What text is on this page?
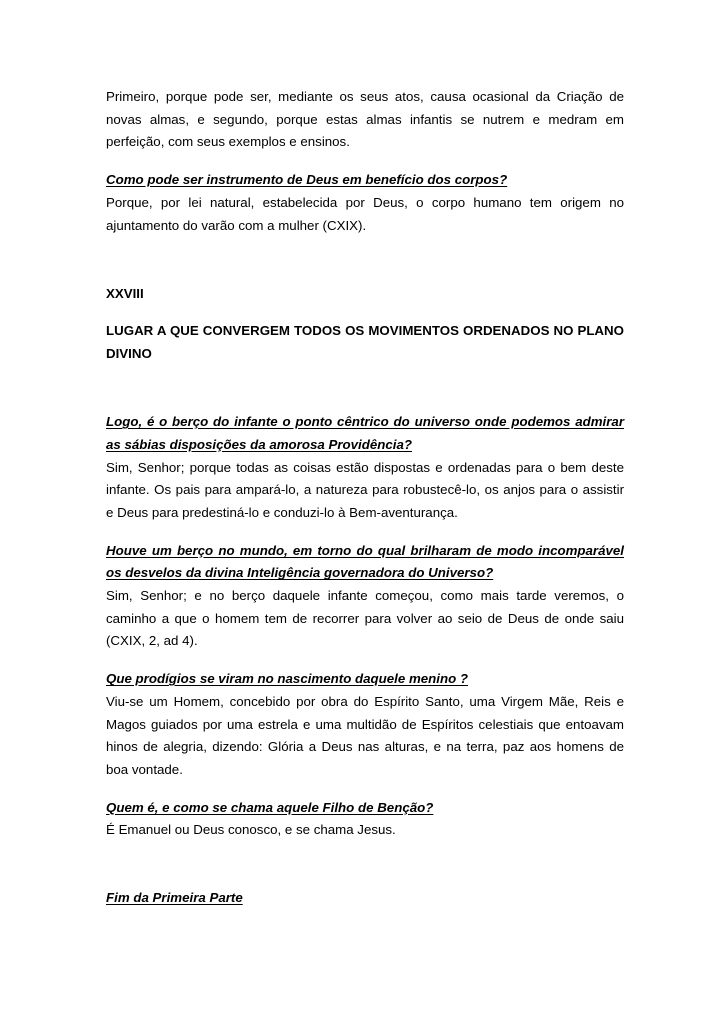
Primeiro, porque pode ser, mediante os seus atos, causa ocasional da Criação de novas almas, e segundo, porque estas almas infantis se nutrem e medram em perfeição, com seus exemplos e ensinos.

Como pode ser instrumento de Deus em benefício dos corpos?

Porque, por lei natural, estabelecida por Deus, o corpo humano tem origem no ajuntamento do varão com a mulher (CXIX).

XXVIII

LUGAR A QUE CONVERGEM TODOS OS MOVIMENTOS ORDENADOS NO PLANO DIVINO

Logo, é o berço do infante o ponto cêntrico do universo onde podemos admirar as sábias disposições da amorosa Providência?

Sim, Senhor; porque todas as coisas estão dispostas e ordenadas para o bem deste infante. Os pais para ampará-lo, a natureza para robustecê-lo, os anjos para o assistir e Deus para predestiná-lo e conduzi-lo à Bem-aventurança.

Houve um berço no mundo, em torno do qual brilharam de modo incomparável os desvelos da divina Inteligência governadora do Universo?

Sim, Senhor; e no berço daquele infante começou, como mais tarde veremos, o caminho a que o homem tem de recorrer para volver ao seio de Deus de onde saiu (CXIX, 2, ad 4).

Que prodígios se viram no nascimento daquele menino ?

Viu-se um Homem, concebido por obra do Espírito Santo, uma Virgem Mãe, Reis e Magos guiados por uma estrela e uma multidão de Espíritos celestiais que entoavam hinos de alegria, dizendo: Glória a Deus nas alturas, e na terra, paz aos homens de boa vontade.

Quem é, e como se chama aquele Filho de Benção?

É Emanuel ou Deus conosco, e se chama Jesus.

Fim da Primeira Parte
